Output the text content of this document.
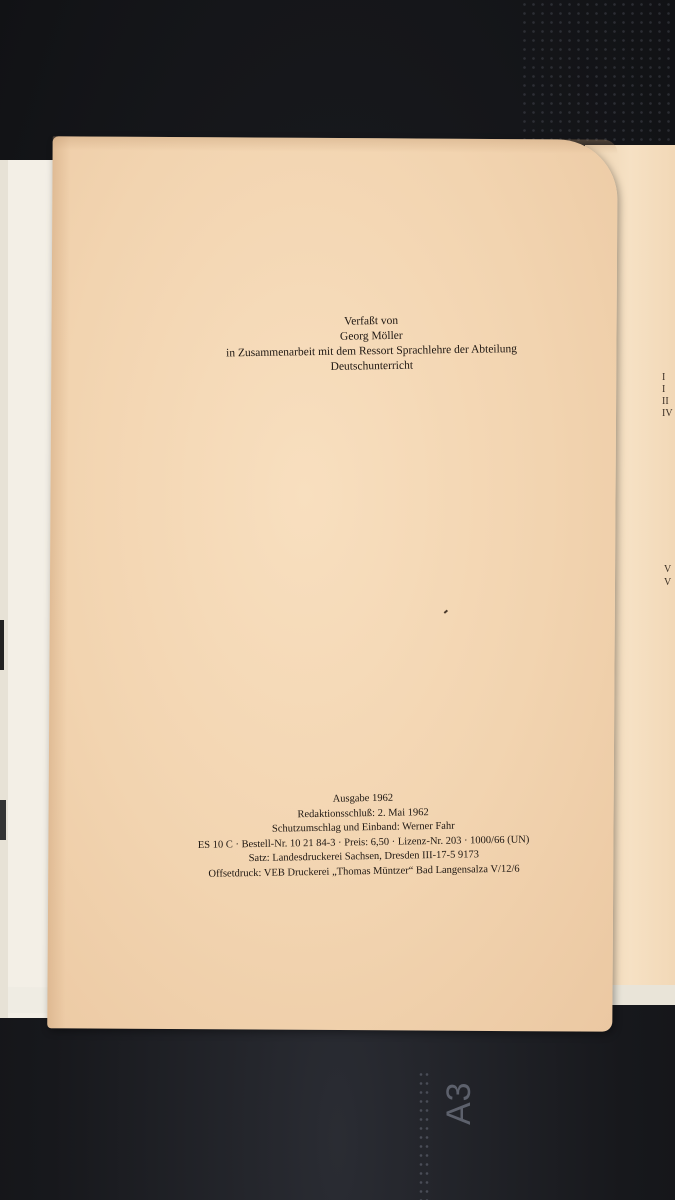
A3
I
I
II
IV
V
V
Verfaßt von
Georg Möller
in Zusammenarbeit mit dem Ressort Sprachlehre der Abteilung
Deutschunterricht
Ausgabe 1962
Redaktionsschluß: 2. Mai 1962
Schutzumschlag und Einband: Werner Fahr
ES 10 C · Bestell-Nr. 10 21 84-3 · Preis: 6,50 · Lizenz-Nr. 203 · 1000/66 (UN)
Satz: Landesdruckerei Sachsen, Dresden III-17-5 9173
Offsetdruck: VEB Druckerei „Thomas Müntzer“ Bad Langensalza V/12/6
